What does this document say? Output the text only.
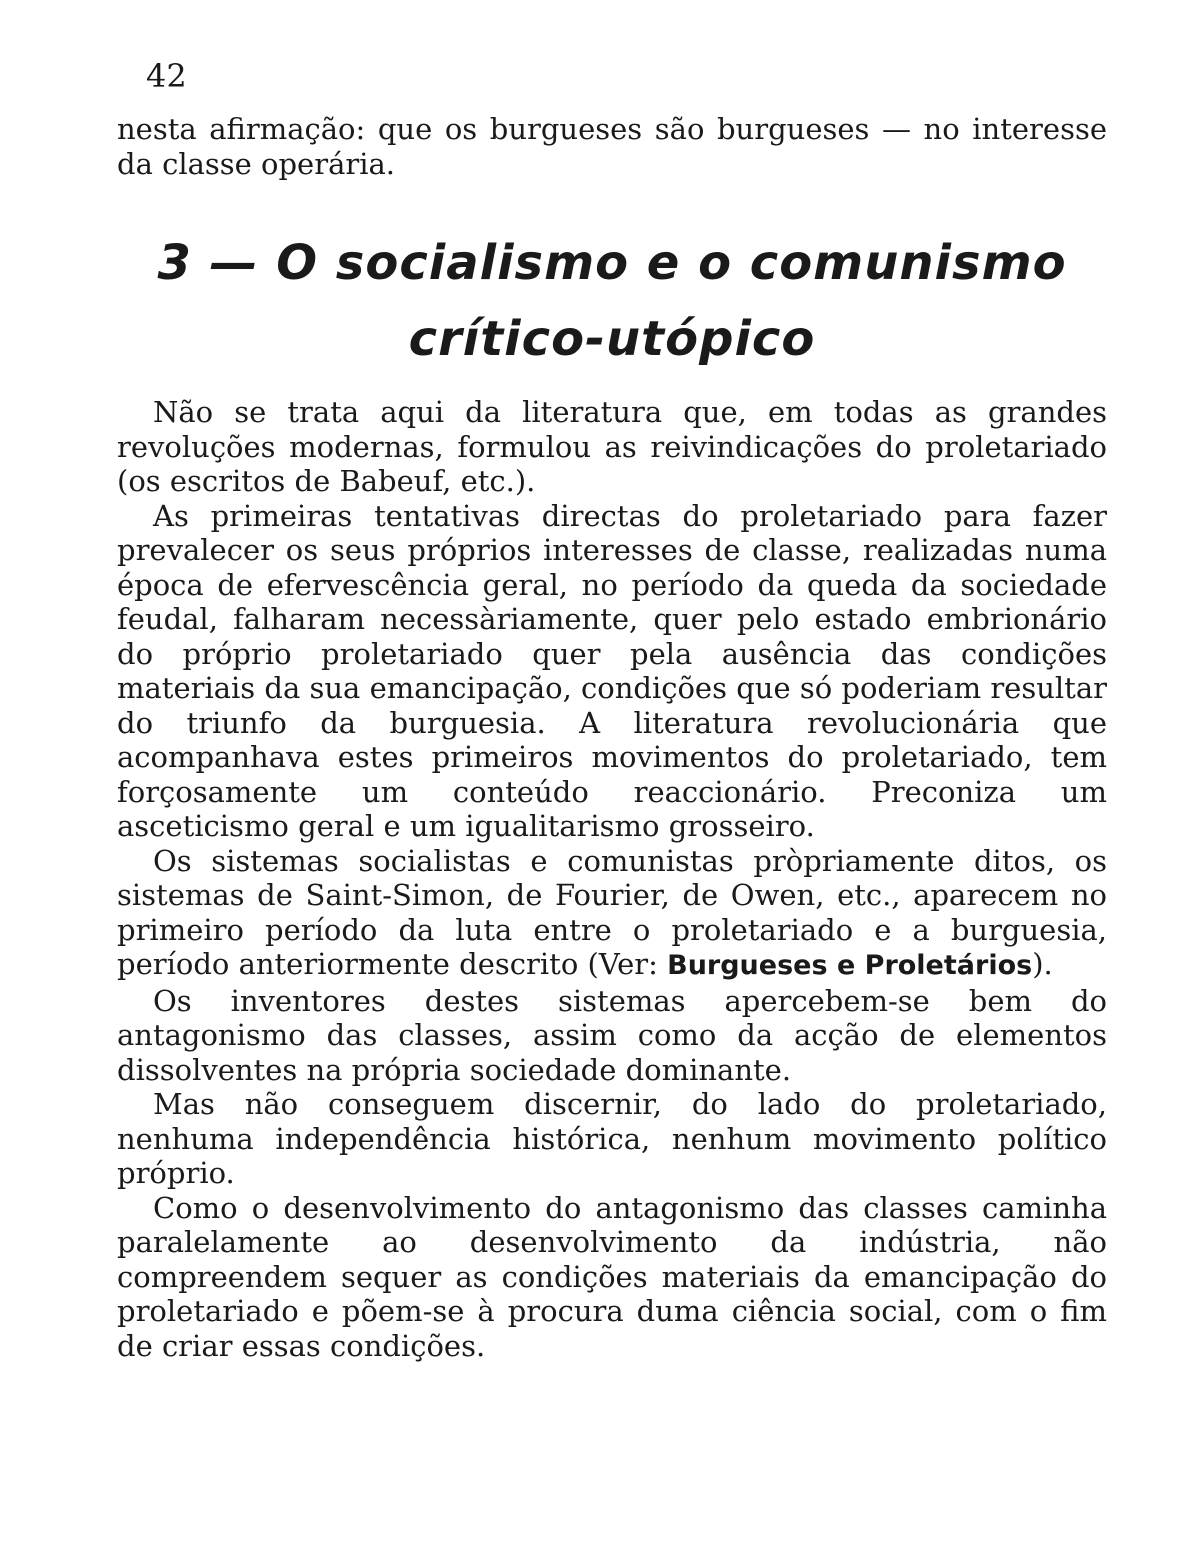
42

nesta afirmação: que os burgueses são burgueses — no interesse da classe operária.

3 — O socialismo e o comunismo
crítico-utópico

Não se trata aqui da literatura que, em todas as grandes revoluções modernas, formulou as reivindicações do proletariado (os escritos de Babeuf, etc.).

As primeiras tentativas directas do proletariado para fazer prevalecer os seus próprios interesses de classe, realizadas numa época de efervescência geral, no período da queda da sociedade feudal, falharam necessàriamente, quer pelo estado embrionário do próprio proletariado quer pela ausência das condições materiais da sua emancipação, condições que só poderiam resultar do triunfo da burguesia. A literatura revolucionária que acompanhava estes primeiros movimentos do proletariado, tem forçosamente um conteúdo reaccionário. Preconiza um asceticismo geral e um igualitarismo grosseiro.

Os sistemas socialistas e comunistas pròpriamente ditos, os sistemas de Saint-Simon, de Fourier, de Owen, etc., aparecem no primeiro período da luta entre o proletariado e a burguesia, período anteriormente descrito (Ver: Burgueses e Proletários).

Os inventores destes sistemas apercebem-se bem do antagonismo das classes, assim como da acção de elementos dissolventes na própria sociedade dominante.

Mas não conseguem discernir, do lado do proletariado, nenhuma independência histórica, nenhum movimento político próprio.

Como o desenvolvimento do antagonismo das classes caminha paralelamente ao desenvolvimento da indústria, não compreendem sequer as condições materiais da emancipação do proletariado e põem-se à procura duma ciência social, com o fim de criar essas condições.
